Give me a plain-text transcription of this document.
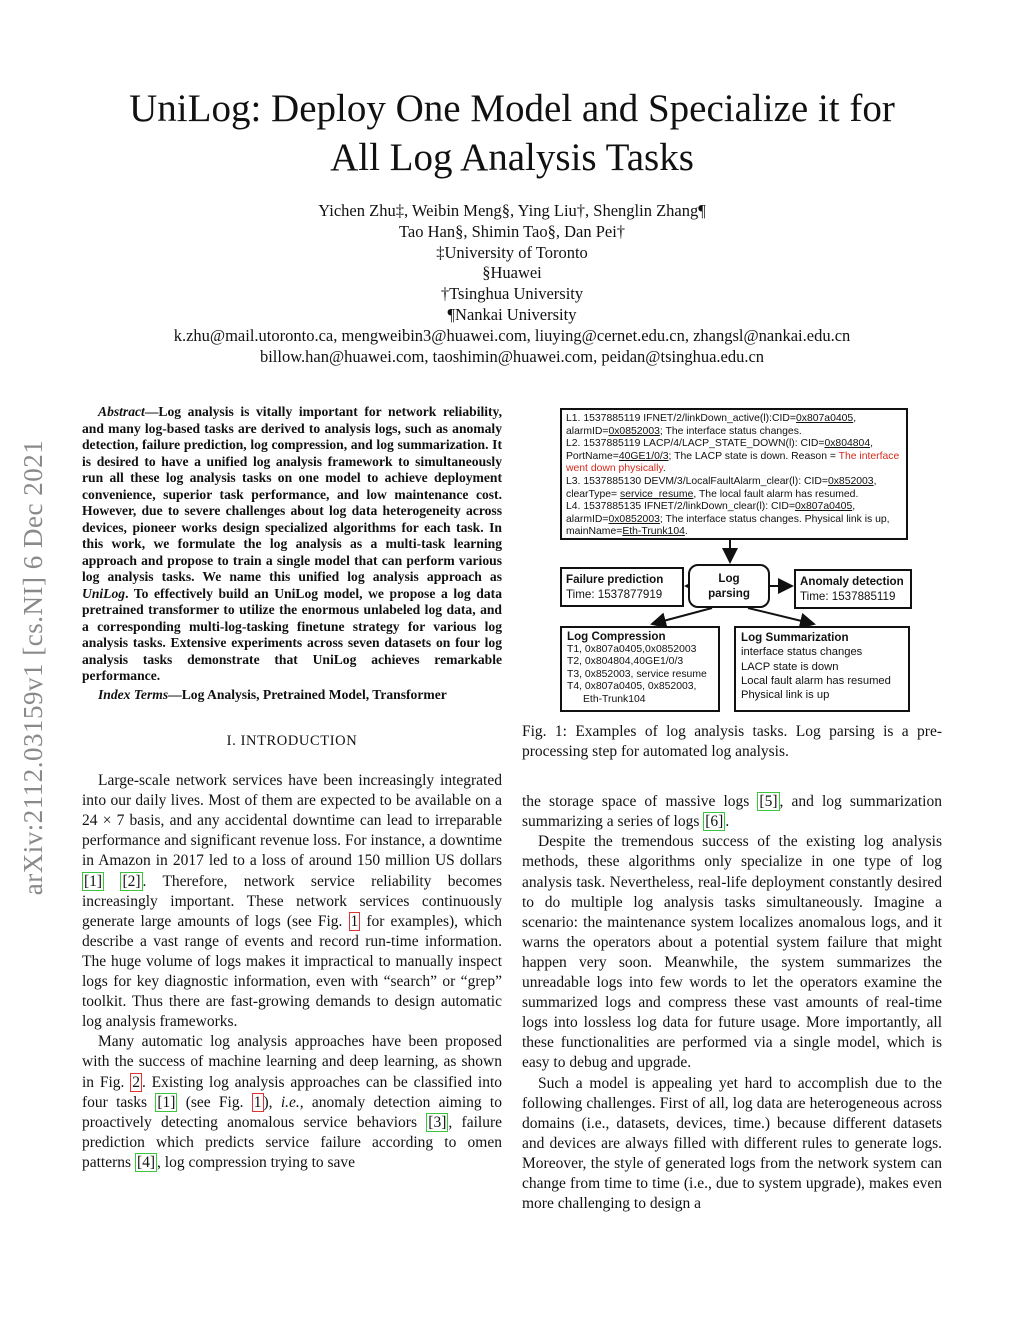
arXiv:2112.03159v1 [cs.NI] 6 Dec 2021
UniLog: Deploy One Model and Specialize it for
All Log Analysis Tasks
Yichen Zhu‡, Weibin Meng§, Ying Liu†, Shenglin Zhang¶
Tao Han§, Shimin Tao§, Dan Pei†
‡University of Toronto
§Huawei
†Tsinghua University
¶Nankai University
k.zhu@mail.utoronto.ca, mengweibin3@huawei.com, liuying@cernet.edu.cn, zhangsl@nankai.edu.cn
billow.han@huawei.com, taoshimin@huawei.com, peidan@tsinghua.edu.cn

Abstract—Log analysis is vitally important for network reliability, and many log-based tasks are derived to analysis logs, such as anomaly detection, failure prediction, log compression, and log summarization. It is desired to have a unified log analysis framework to simultaneously run all these log analysis tasks on one model to achieve deployment convenience, superior task performance, and low maintenance cost. However, due to severe challenges about log data heterogeneity across devices, pioneer works design specialized algorithms for each task. In this work, we formulate the log analysis as a multi-task learning approach and propose to train a single model that can perform various log analysis tasks. We name this unified log analysis approach as UniLog. To effectively build an UniLog model, we propose a log data pretrained transformer to utilize the enormous unlabeled log data, and a corresponding multi-log-tasking finetune strategy for various log analysis tasks. Extensive experiments across seven datasets on four log analysis tasks demonstrate that UniLog achieves remarkable performance.

Index Terms—Log Analysis, Pretrained Model, Transformer

I. INTRODUCTION

Large-scale network services have been increasingly integrated into our daily lives. Most of them are expected to be available on a 24 × 7 basis, and any accidental downtime can lead to irreparable performance and significant revenue loss. For instance, a downtime in Amazon in 2017 led to a loss of around 150 million US dollars [1] [2] . Therefore, network service reliability becomes increasingly important. These network services continuously generate large amounts of logs (see Fig. 1 for examples), which describe a vast range of events and record run-time information. The huge volume of logs makes it impractical to manually inspect logs for key diagnostic information, even with “search” or “grep” toolkit. Thus there are fast-growing demands to design automatic log analysis frameworks.

Many automatic log analysis approaches have been proposed with the success of machine learning and deep learning, as shown in Fig. 2 . Existing log analysis approaches can be classified into four tasks [1] (see Fig. 1 ), i.e., anomaly detection aiming to proactively detecting anomalous service behaviors [3] , failure prediction which predicts service failure according to omen patterns [4] , log compression trying to save

L1. 1537885119 IFNET/2/linkDown_active(l):CID=0x807a0405,
alarmID=0x0852003; The interface status changes.
L2. 1537885119 LACP/4/LACP_STATE_DOWN(l): CID=0x804804,
PortName=40GE1/0/3; The LACP state is down. Reason = The interface
went down physically.
L3. 1537885130 DEVM/3/LocalFaultAlarm_clear(l): CID=0x852003,
clearType= service_resume, The local fault alarm has resumed.
L4. 1537885135 IFNET/2/linkDown_clear(l): CID=0x807a0405,
alarmID=0x0852003; The interface status changes. Physical link is up,
mainName=Eth-Trunk104.
Failure prediction
Time: 1537877919
Log
parsing
Anomaly detection
Time: 1537885119
Log Compression
T1, 0x807a0405,0x0852003
T2, 0x804804,40GE1/0/3
T3, 0x852003, service resume
T4, 0x807a0405, 0x852003,
Eth-Trunk104
Log Summarization
interface status changes
LACP state is down
Local fault alarm has resumed
Physical link is up

Fig. 1: Examples of log analysis tasks. Log parsing is a pre-processing step for automated log analysis.

the storage space of massive logs [5] , and log summarization summarizing a series of logs [6] .

Despite the tremendous success of the existing log analysis methods, these algorithms only specialize in one type of log analysis task. Nevertheless, real-life deployment constantly desired to do multiple log analysis tasks simultaneously. Imagine a scenario: the maintenance system localizes anomalous logs, and it warns the operators about a potential system failure that might happen very soon. Meanwhile, the system summarizes the unreadable logs into few words to let the operators examine the summarized logs and compress these vast amounts of real-time logs into lossless log data for future usage. More importantly, all these functionalities are performed via a single model, which is easy to debug and upgrade.

Such a model is appealing yet hard to accomplish due to the following challenges. First of all, log data are heterogeneous across domains (i.e., datasets, devices, time.) because different datasets and devices are always filled with different rules to generate logs. Moreover, the style of generated logs from the network system can change from time to time (i.e., due to system upgrade), makes even more challenging to design a
